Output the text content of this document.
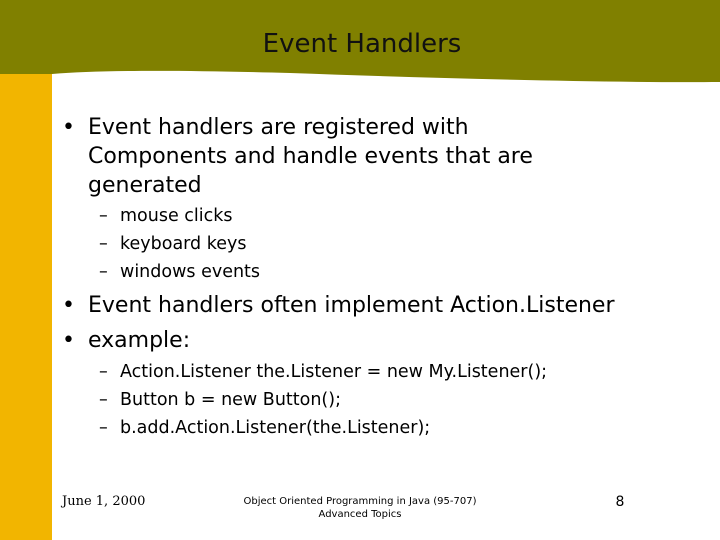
Event Handlers
• Event handlers are registered with
Components and handle events that are
generated
– mouse clicks
– keyboard keys
– windows events
• Event handlers often implement Action.Listener
• example:
– Action.Listener the.Listener = new My.Listener();
– Button b = new Button();
– b.add.Action.Listener(the.Listener);
June 1, 2000	Object Oriented Programming in Java (95-707)
Advanced Topics
8
